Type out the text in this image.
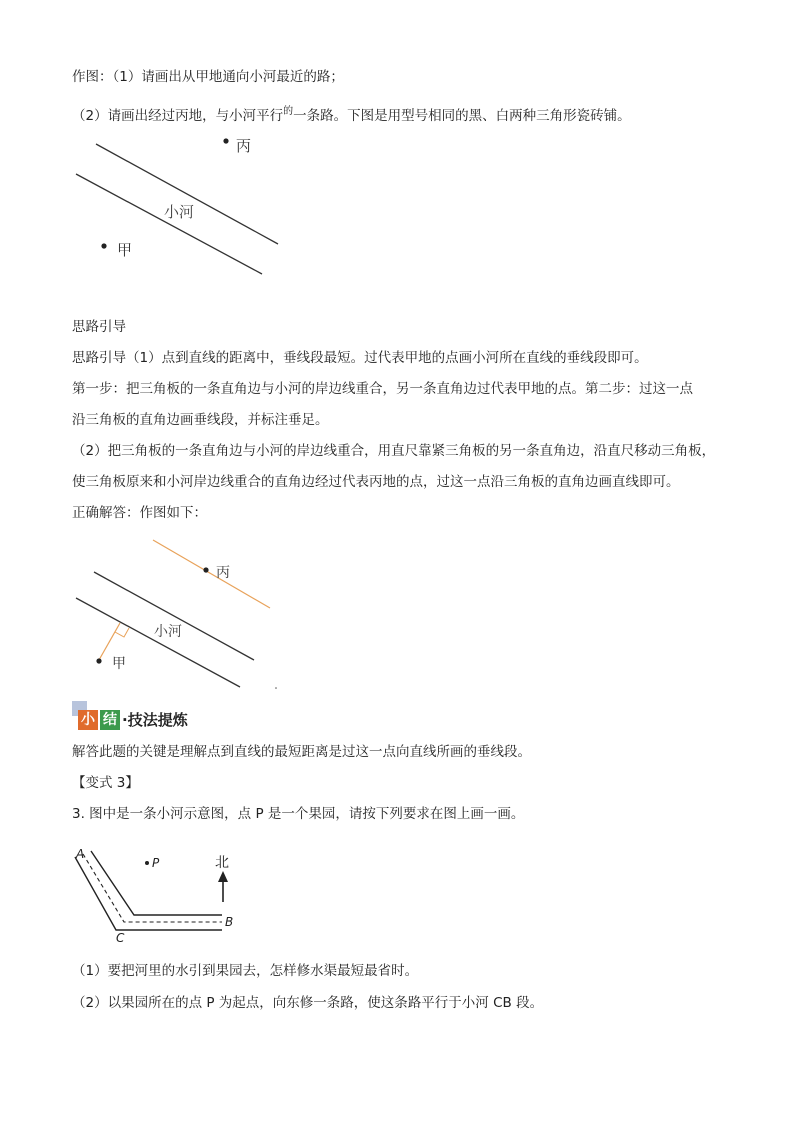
作图：（1）请画出从甲地通向小河最近的路；
（2）请画出经过丙地，与小河平行$^的$一条路。下图是用型号相同的黑、白两种三角形瓷砖铺。
丙
小河
甲
思路引导
思路引导（1）点到直线的距离中，垂线段最短。过代表甲地的点画小河所在直线的垂线段即可。
第一步：把三角板的一条直角边与小河的岸边线重合，另一条直角边过代表甲地的点。第二步：过这一点
沿三角板的直角边画垂线段，并标注垂足。
（2）把三角板的一条直角边与小河的岸边线重合，用直尺靠紧三角板的另一条直角边，沿直尺移动三角板，
使三角板原来和小河岸边线重合的直角边经过代表丙地的点，过这一点沿三角板的直角边画直线即可。
正确解答：作图如下：
丙
小河
甲
小 结 ·技法提炼
解答此题的关键是理解点到直线的最短距离是过这一点向直线所画的垂线段。
【变式 3】
3. 图中是一条小河示意图，点 P 是一个果园，请按下列要求在图上画一画。
A
P	北
B
C
（1）要把河里的水引到果园去，怎样修水渠最短最省时。
（2）以果园所在的点 P 为起点，向东修一条路，使这条路平行于小河 CB 段。
